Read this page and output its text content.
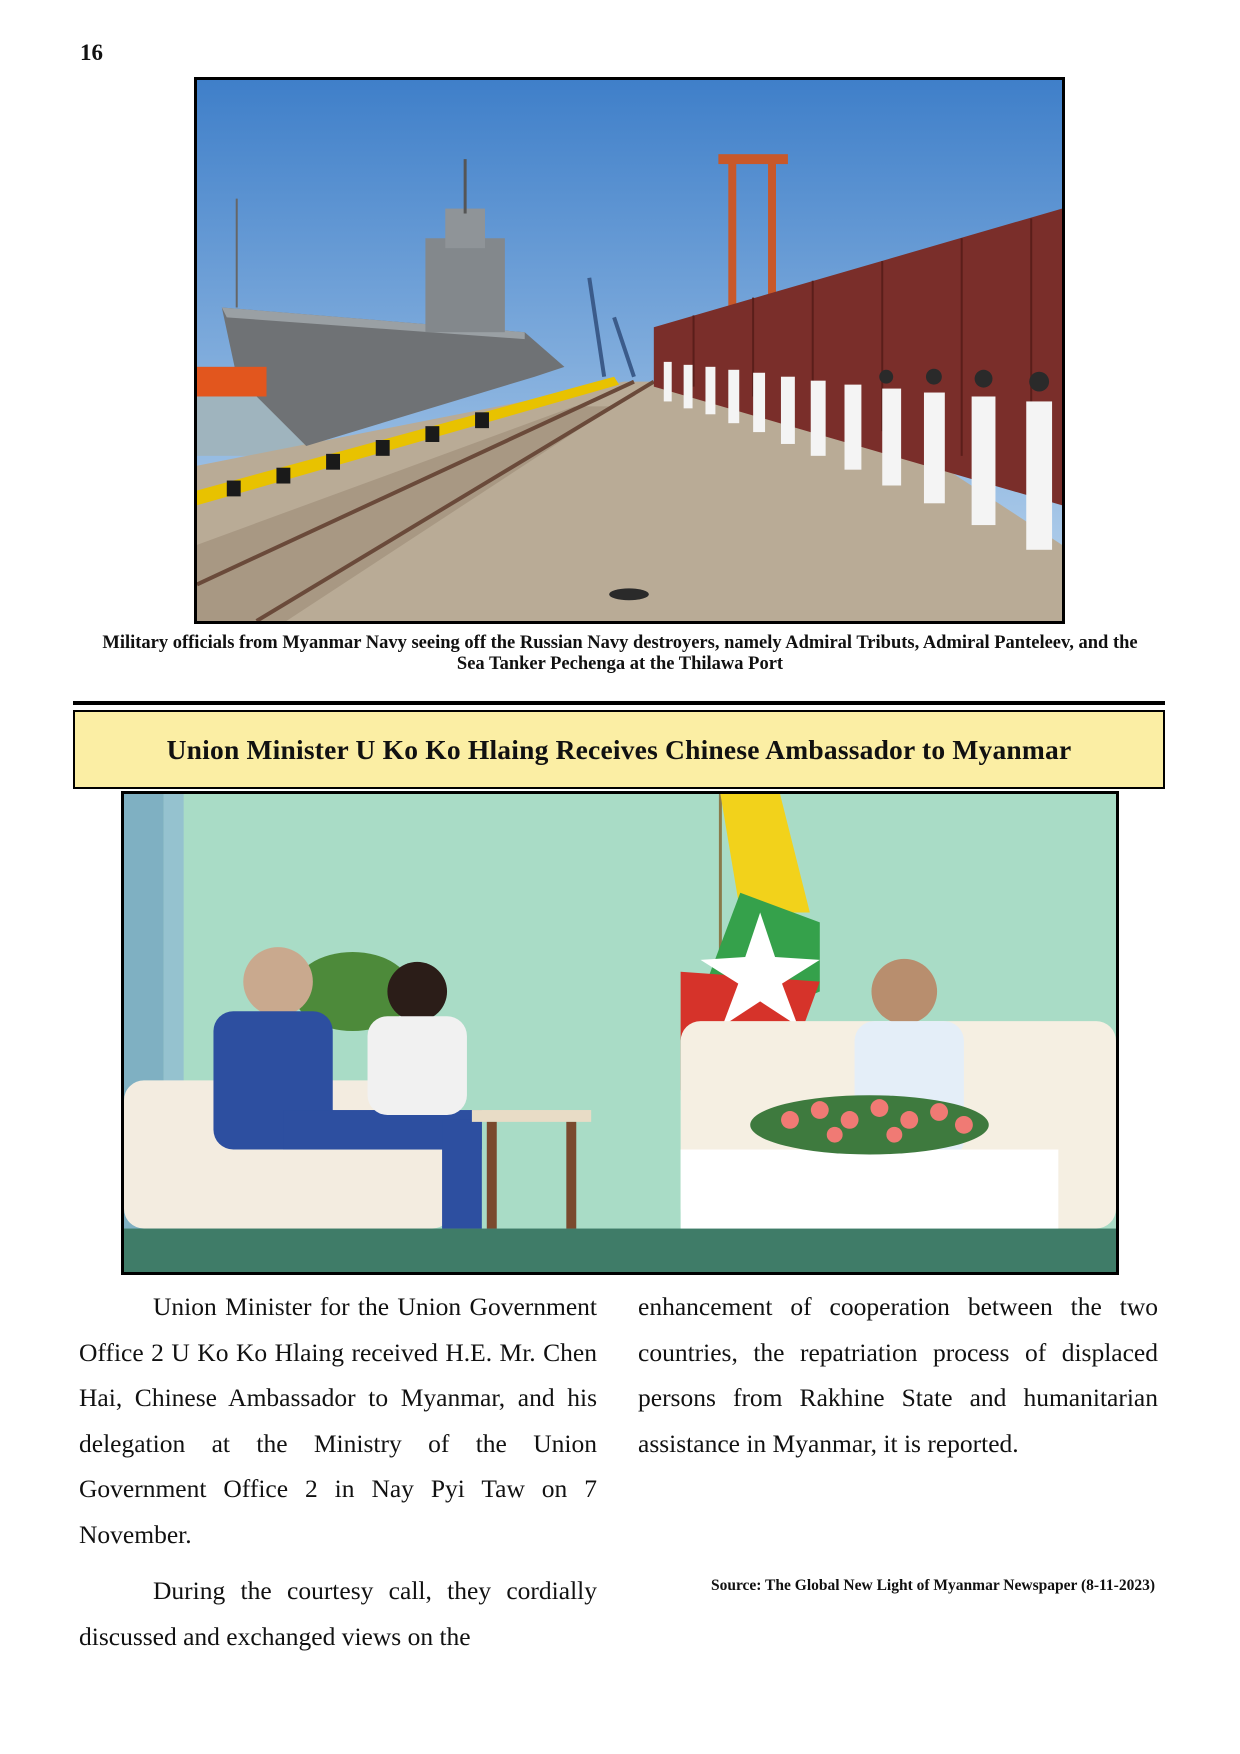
16
Military officials from Myanmar Navy seeing off the Russian Navy destroyers, namely Admiral Tributs, Admiral Panteleev, and the Sea Tanker Pechenga at the Thilawa Port
Union Minister U Ko Ko Hlaing Receives Chinese Ambassador to Myanmar

Union Minister for the Union Government Office 2 U Ko Ko Hlaing received H.E. Mr. Chen Hai, Chinese Ambassador to Myanmar, and his delegation at the Ministry of the Union Government Office 2 in Nay Pyi Taw on 7 November.

During the courtesy call, they cordially discussed and exchanged views on the

enhancement of cooperation between the two countries, the repatriation process of displaced persons from Rakhine State and humanitarian assistance in Myanmar, it is reported.

Source: The Global New Light of Myanmar Newspaper (8-11-2023)
